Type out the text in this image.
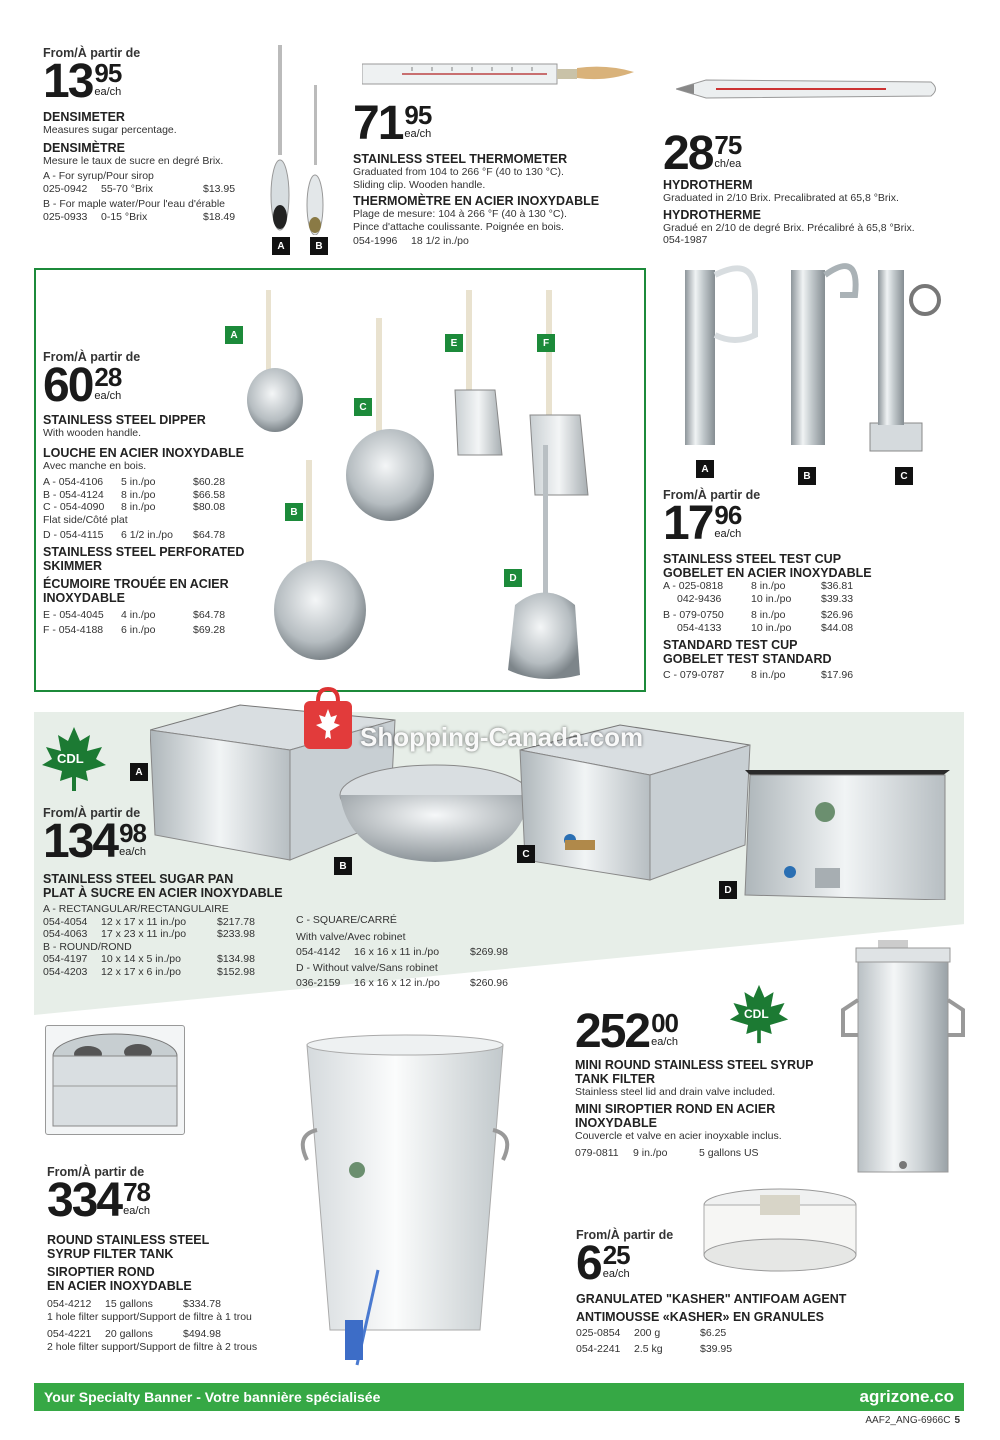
From/À partir de
13 95
ea/ch
DENSIMETER
Measures sugar percentage.
DENSIMÈTRE
Mesure le taux de sucre en degré Brix.
A - For syrup/Pour sirop
025-0942	55-70 °Brix	$13.95
B - For maple water/Pour l'eau d'érable
025-0933	0-15 °Brix	$18.49
A	B
71 95
ea/ch
STAINLESS STEEL THERMOMETER
Graduated from 104 to 266 °F (40 to 130 °C).
Sliding clip. Wooden handle.
THERMOMÈTRE EN ACIER INOXYDABLE
Plage de mesure: 104 à 266 °F (40 à 130 °C).
Pince d'attache coulissante. Poignée en bois.
054-1996	18 1/2 in./po
28 75
ch/ea
HYDROTHERM
Graduated in 2/10 Brix. Precalibrated at 65,8 °Brix.
HYDROTHERME
Gradué en 2/10 de degré Brix. Précalibré à 65,8 °Brix.
054-1987
From/À partir de
60 28
ea/ch
STAINLESS STEEL DIPPER
With wooden handle.
LOUCHE EN ACIER INOXYDABLE
Avec manche en bois.
A - 054-4106	5 in./po	$60.28
B - 054-4124	8 in./po	$66.58
C - 054-4090	8 in./po	$80.08
Flat side/Côté plat
D - 054-4115	6 1/2 in./po	$64.78
STAINLESS STEEL PERFORATED
SKIMMER
ÉCUMOIRE TROUÉE EN ACIER
INOXYDABLE
E - 054-4045	4 in./po	$64.78
F - 054-4188	6 in./po	$69.28
A
B
C
D
E	F
A
B	C
From/À partir de
17 96
ea/ch
STAINLESS STEEL TEST CUP
GOBELET EN ACIER INOXYDABLE
A - 025-0818	8 in./po	$36.81
042-9436	10 in./po	$39.33
B - 079-0750	8 in./po	$26.96
054-4133	10 in./po	$44.08
STANDARD TEST CUP
GOBELET TEST STANDARD
C - 079-0787	8 in./po	$17.96
CDL
A
B
C
D
Shopping-Canada.com
From/À partir de
134 98
ea/ch
STAINLESS STEEL SUGAR PAN
PLAT À SUCRE EN ACIER INOXYDABLE
A - RECTANGULAR/RECTANGULAIRE
054-4054	12 x 17 x 11 in./po	$217.78
054-4063	17 x 23 x 11 in./po	$233.98
B - ROUND/ROND
054-4197	10 x 14 x 5 in./po	$134.98
054-4203	12 x 17 x 6 in./po	$152.98
C - SQUARE/CARRÉ
With valve/Avec robinet
054-4142	16 x 16 x 11 in./po	$269.98
D - Without valve/Sans robinet
036-2159	16 x 16 x 12 in./po	$260.96
CDL
252 00
ea/ch
MINI ROUND STAINLESS STEEL SYRUP
TANK FILTER
Stainless steel lid and drain valve included.
MINI SIROPTIER ROND EN ACIER
INOXYDABLE
Couvercle et valve en acier inoyxable inclus.
079-0811	9 in./po	5 gallons US
From/À partir de
334 78
ea/ch
ROUND STAINLESS STEEL
SYRUP FILTER TANK
SIROPTIER ROND
EN ACIER INOXYDABLE
054-4212	15 gallons	$334.78
1 hole filter support/Support de filtre à 1 trou
054-4221	20 gallons	$494.98
2 hole filter support/Support de filtre à 2 trous
From/À partir de
6 25
ea/ch
GRANULATED "KASHER" ANTIFOAM AGENT
ANTIMOUSSE «KASHER» EN GRANULES
025-0854	200 g	$6.25
054-2241	2.5 kg	$39.95
Your Specialty Banner - Votre bannière spécialisée	agrizone.co
AAF2_ANG-6966C 5
